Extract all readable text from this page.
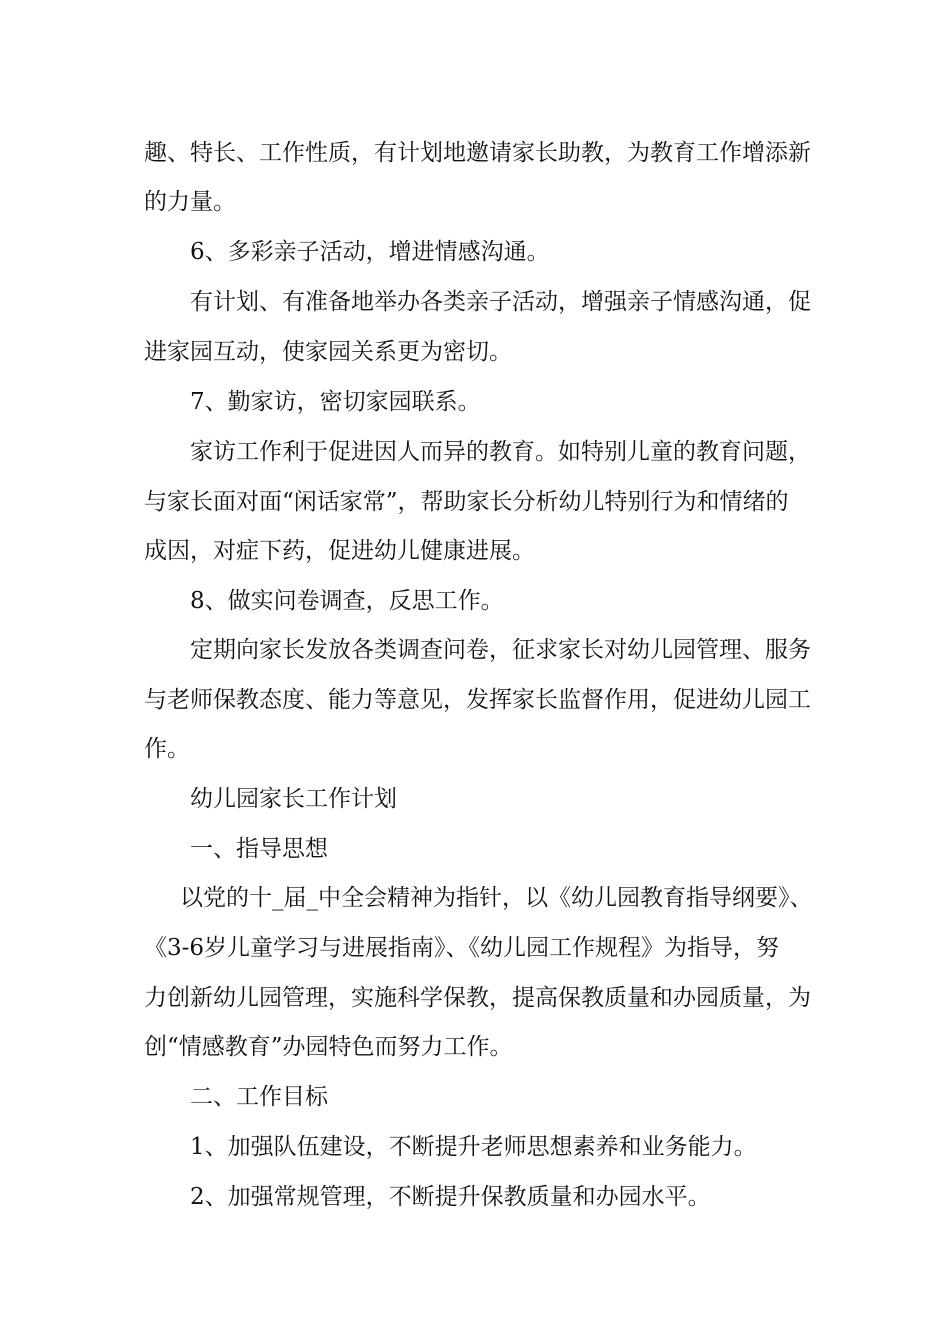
趣、特长、工作性质，有计划地邀请家长助教，为教育工作增添新
的力量。
6、多彩亲子活动，增进情感沟通。
有计划、有准备地举办各类亲子活动，增强亲子情感沟通，促
进家园互动，使家园关系更为密切。
7、勤家访，密切家园联系。
家访工作利于促进因人而异的教育。如特别儿童的教育问题，
与家长面对面“闲话家常”，帮助家长分析幼儿特别行为和情绪的
成因，对症下药，促进幼儿健康进展。
8、做实问卷调查，反思工作。
定期向家长发放各类调查问卷，征求家长对幼儿园管理、服务
与老师保教态度、能力等意见，发挥家长监督作用，促进幼儿园工
作。
幼儿园家长工作计划
一、指导思想
以党的十_届_中全会精神为指针，以《幼儿园教育指导纲要》、
《3-6岁儿童学习与进展指南》、《幼儿园工作规程》为指导，努
力创新幼儿园管理，实施科学保教，提高保教质量和办园质量，为
创“情感教育”办园特色而努力工作。
二、工作目标
1、加强队伍建设，不断提升老师思想素养和业务能力。
2、加强常规管理，不断提升保教质量和办园水平。
